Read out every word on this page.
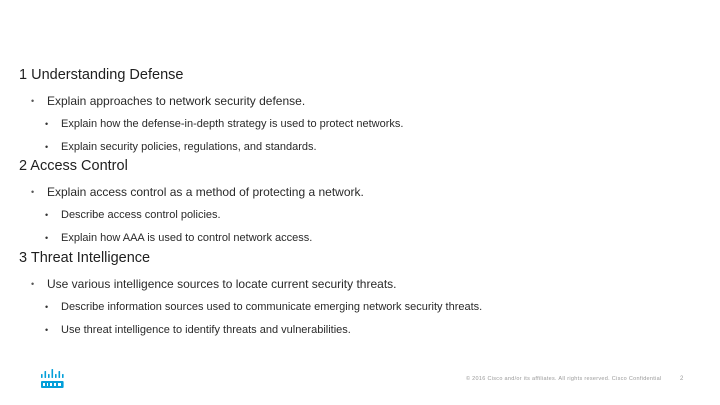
1 Understanding Defense
• Explain approaches to network security defense.
• Explain how the defense-in-depth strategy is used to protect networks.
• Explain security policies, regulations, and standards.
2 Access Control
• Explain access control as a method of protecting a network.
• Describe access control policies.
• Explain how AAA is used to control network access.
3 Threat Intelligence
• Use various intelligence sources to locate current security threats.
• Describe information sources used to communicate emerging network security threats.
• Use threat intelligence to identify threats and vulnerabilities.
© 2016 Cisco and/or its affiliates. All rights reserved. Cisco Confidential	2
